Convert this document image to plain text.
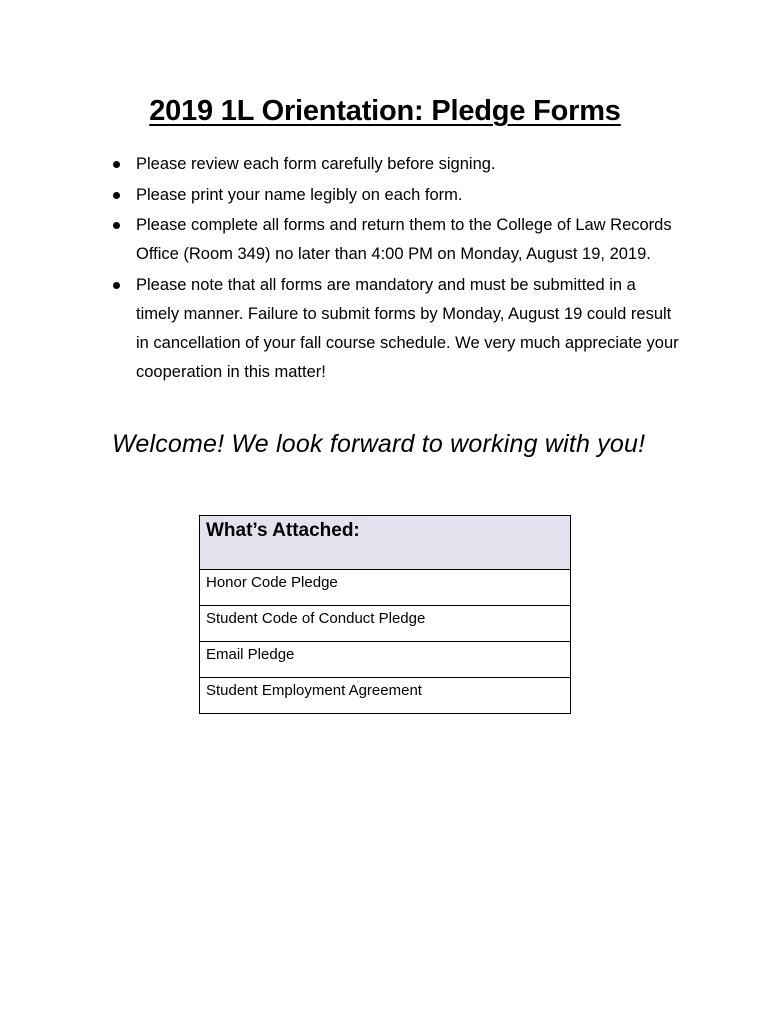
2019 1L Orientation: Pledge Forms
Please review each form carefully before signing.
Please print your name legibly on each form.
Please complete all forms and return them to the College of Law Records Office (Room 349) no later than 4:00 PM on Monday, August 19, 2019.
Please note that all forms are mandatory and must be submitted in a timely manner. Failure to submit forms by Monday, August 19 could result in cancellation of your fall course schedule. We very much appreciate your cooperation in this matter!

Welcome! We look forward to working with you!

What’s Attached:
Honor Code Pledge
Student Code of Conduct Pledge
Email Pledge
Student Employment Agreement
